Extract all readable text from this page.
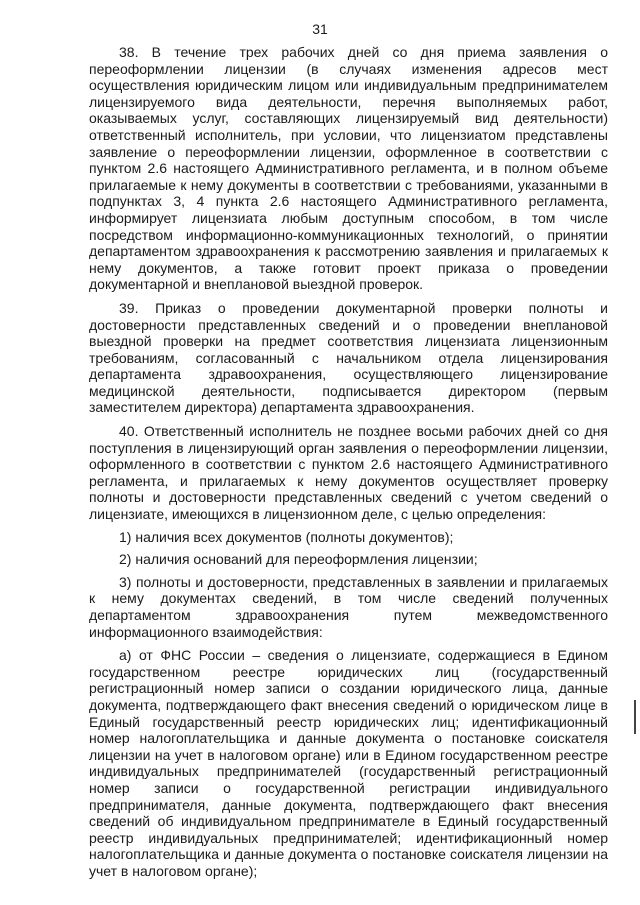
31

38. В течение трех рабочих дней со дня приема заявления о переоформлении лицензии (в случаях изменения адресов мест осуществления юридическим лицом или индивидуальным предпринимателем лицензируемого вида деятельности, перечня выполняемых работ, оказываемых услуг, составляющих лицензируемый вид деятельности) ответственный исполнитель, при условии, что лицензиатом представлены заявление о переоформлении лицензии, оформленное в соответствии с пунктом 2.6 настоящего Административного регламента, и в полном объеме прилагаемые к нему документы в соответствии с требованиями, указанными в подпунктах 3, 4 пункта 2.6 настоящего Административного регламента, информирует лицензиата любым доступным способом, в том числе посредством информационно-коммуникационных технологий, о принятии департаментом здравоохранения к рассмотрению заявления и прилагаемых к нему документов, а также готовит проект приказа о проведении документарной и внеплановой выездной проверок.

39. Приказ о проведении документарной проверки полноты и достоверности представленных сведений и о проведении внеплановой выездной проверки на предмет соответствия лицензиата лицензионным требованиям, согласованный с начальником отдела лицензирования департамента здравоохранения, осуществляющего лицензирование медицинской деятельности, подписывается директором (первым заместителем директора) департамента здравоохранения.

40. Ответственный исполнитель не позднее восьми рабочих дней со дня поступления в лицензирующий орган заявления о переоформлении лицензии, оформленного в соответствии с пунктом 2.6 настоящего Административного регламента, и прилагаемых к нему документов осуществляет проверку полноты и достоверности представленных сведений с учетом сведений о лицензиате, имеющихся в лицензионном деле, с целью определения:

1) наличия всех документов (полноты документов);

2) наличия оснований для переоформления лицензии;

3) полноты и достоверности, представленных в заявлении и прилагаемых к нему документах сведений, в том числе сведений полученных департаментом здравоохранения путем межведомственного информационного взаимодействия:

а) от ФНС России – сведения о лицензиате, содержащиеся в Едином государственном реестре юридических лиц (государственный регистрационный номер записи о создании юридического лица, данные документа, подтверждающего факт внесения сведений о юридическом лице в Единый государственный реестр юридических лиц; идентификационный номер налогоплательщика и данные документа о постановке соискателя лицензии на учет в налоговом органе) или в Едином государственном реестре индивидуальных предпринимателей (государственный регистрационный номер записи о государственной регистрации индивидуального предпринимателя, данные документа, подтверждающего факт внесения сведений об индивидуальном предпринимателе в Единый государственный реестр индивидуальных предпринимателей; идентификационный номер налогоплательщика и данные документа о постановке соискателя лицензии на учет в налоговом органе);
